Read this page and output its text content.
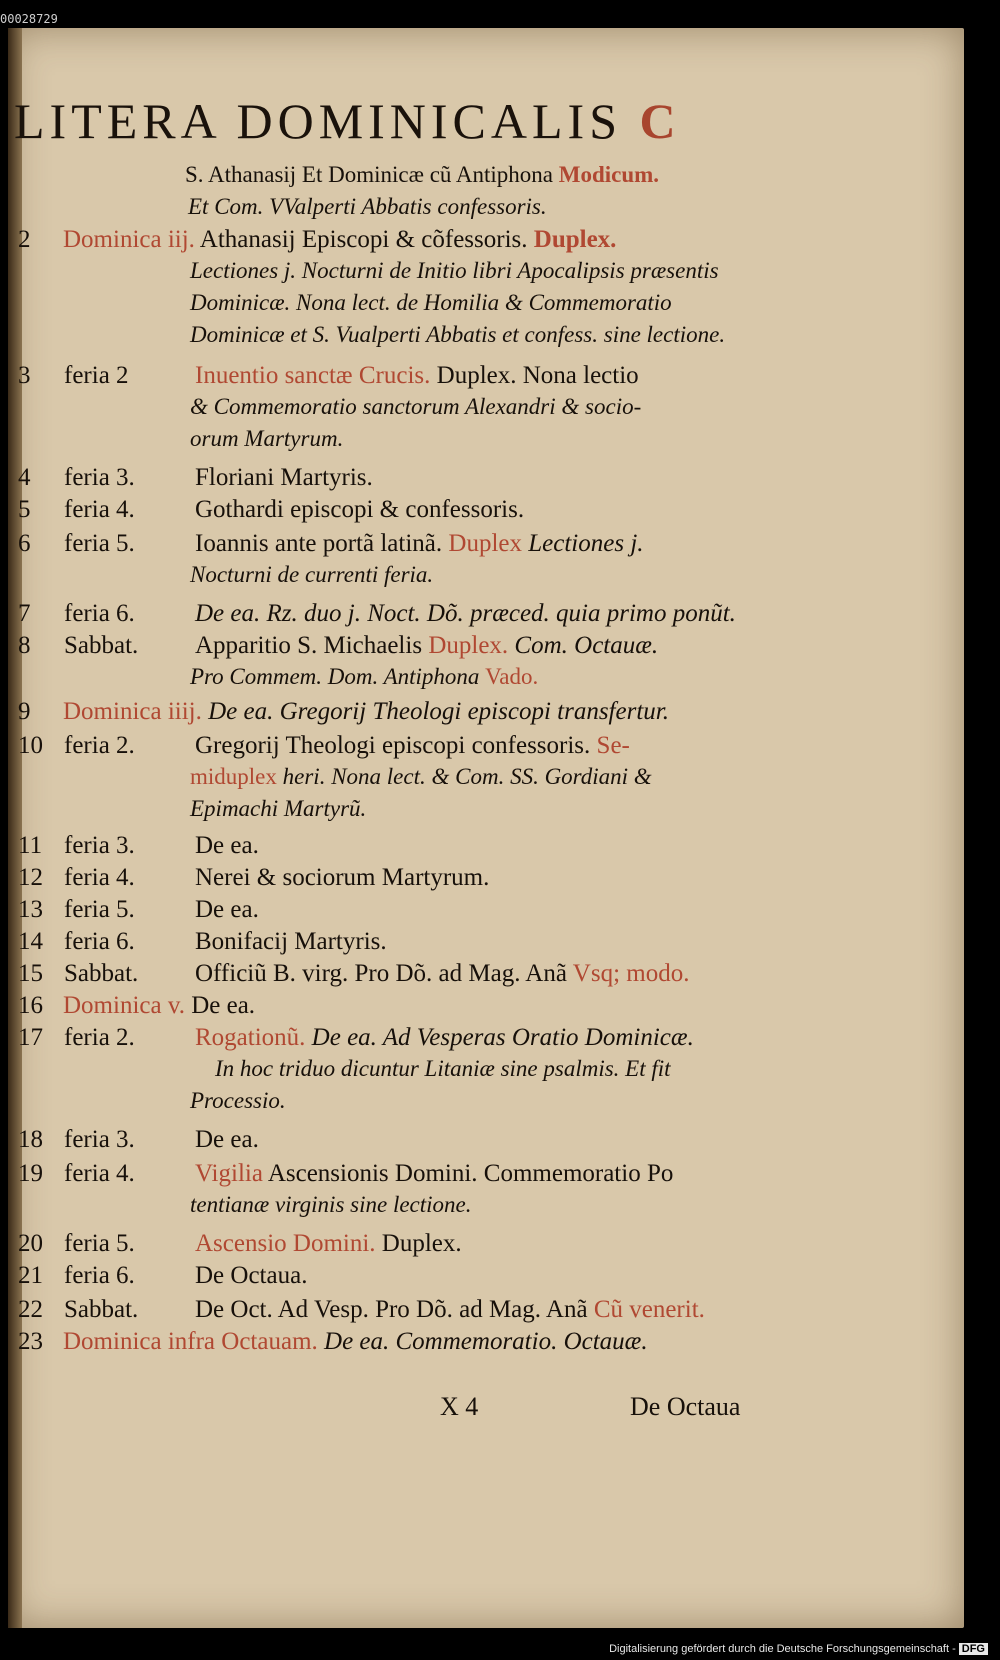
00028729
LITERA DOMINICALIS C
S. Athanasij Et Dominicæ cũ Antiphona Modicum.
Et Com. VValperti Abbatis confessoris.
2	Dominica iij. Athanasij Episcopi & cõfessoris. Duplex.
Lectiones j. Nocturni de Initio libri Apocalipsis præsentis
Dominicæ. Nona lect. de Homilia & Commemoratio
Dominicæ et S. Vualperti Abbatis et confess. sine lectione.
3	feria 2	Inuentio sanctæ Crucis. Duplex. Nona lectio
& Commemoratio sanctorum Alexandri & socio-
orum Martyrum.
4	feria 3.	Floriani Martyris.
5	feria 4.	Gothardi episcopi & confessoris.
6	feria 5.	Ioannis ante portã latinã. Duplex Lectiones j.
Nocturni de currenti feria.
7	feria 6.	De ea. Rz. duo j. Noct. Dõ. præced. quia primo ponũt.
8	Sabbat.	Apparitio S. Michaelis Duplex. Com. Octauæ.
Pro Commem. Dom. Antiphona Vado.
9	Dominica iiij. De ea. Gregorij Theologi episcopi transfertur.
10 feria 2.	Gregorij Theologi episcopi confessoris. Se-
miduplex heri. Nona lect. & Com. SS. Gordiani &
Epimachi Martyrũ.
11 feria 3.	De ea.
12 feria 4.	Nerei & sociorum Martyrum.
13 feria 5.	De ea.
14 feria 6.	Bonifacij Martyris.
15 Sabbat.	Officiũ B. virg. Pro Dõ. ad Mag. Anã Vsq; modo.
16 Dominica v. De ea.
17 feria 2.	Rogationũ. De ea. Ad Vesperas Oratio Dominicæ.
In hoc triduo dicuntur Litaniæ sine psalmis. Et fit
Processio.
18 feria 3.	De ea.
19 feria 4.	Vigilia Ascensionis Domini. Commemoratio Po
tentianæ virginis sine lectione.
20 feria 5.	Ascensio Domini. Duplex.
21 feria 6.	De Octaua.
22 Sabbat.	De Oct. Ad Vesp. Pro Dõ. ad Mag. Anã Cũ venerit.
23 Dominica infra Octauam. De ea. Commemoratio. Octauæ.
X 4	De Octaua
Digitalisierung gefördert durch die Deutsche Forschungsgemeinschaft - DFG
